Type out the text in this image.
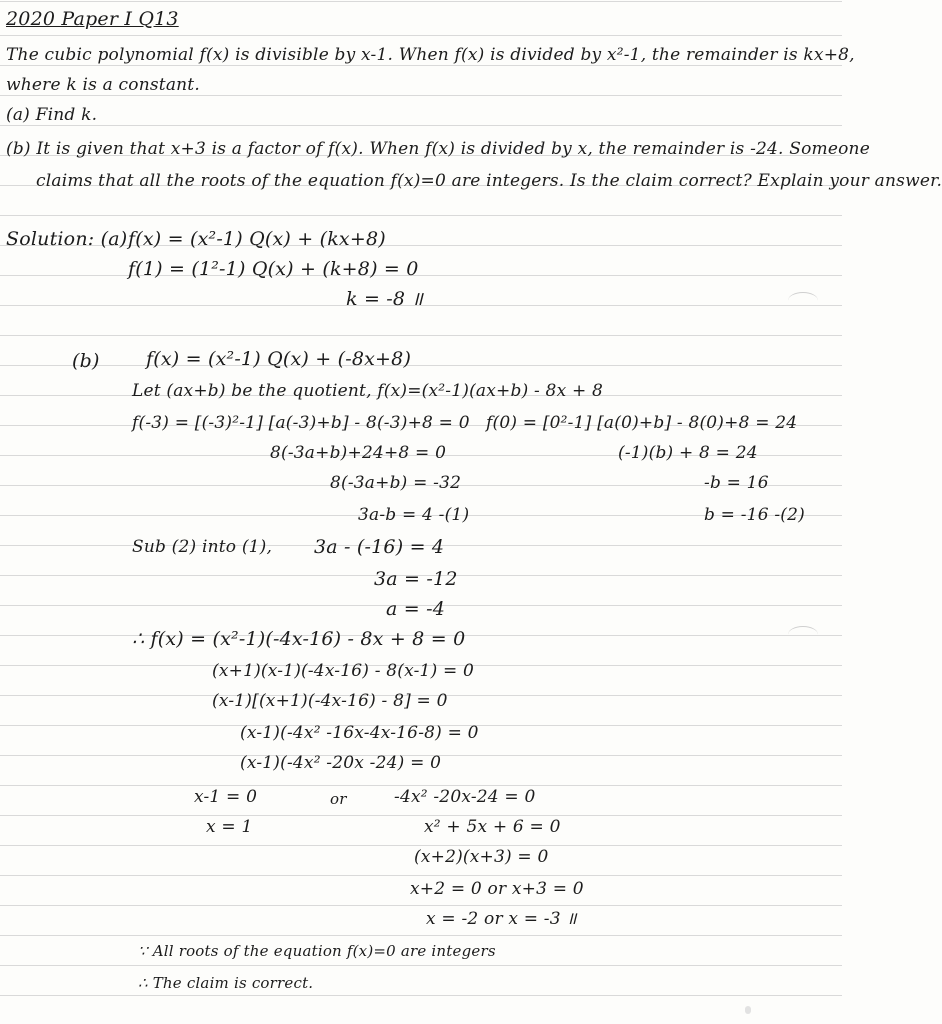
2020 Paper I Q13
The cubic polynomial f(x) is divisible by x-1. When f(x) is divided by x²-1, the remainder is kx+8,
where k is a constant.
(a) Find k.
(b) It is given that x+3 is a factor of f(x). When f(x) is divided by x, the remainder is -24. Someone
claims that all the roots of the equation f(x)=0 are integers. Is the claim correct? Explain your answer.
Solution: (a) f(x) = (x²-1) Q(x) + (kx+8)
f(1) = (1²-1) Q(x) + (k+8) = 0
k = -8 ॥
(b) f(x) = (x²-1) Q(x) + (-8x+8)
Let (ax+b) be the quotient, f(x)=(x²-1)(ax+b) - 8x + 8
f(-3) = [(-3)²-1] [a(-3)+b] - 8(-3)+8 = 0
8(-3a+b)+24+8 = 0
8(-3a+b) = -32
3a-b = 4 -(1)
f(0) = [0²-1] [a(0)+b] - 8(0)+8 = 24
(-1)(b) + 8 = 24
-b = 16
b = -16 -(2)
Sub (2) into (1), 3a - (-16) = 4
3a = -12
a = -4
∴ f(x) = (x²-1)(-4x-16) - 8x + 8 = 0
(x+1)(x-1)(-4x-16) - 8(x-1) = 0
(x-1)[(x+1)(-4x-16) - 8] = 0
(x-1)(-4x² -16x-4x-16-8) = 0
(x-1)(-4x² -20x -24) = 0
x-1 = 0
x = 1
or	-4x² -20x-24 = 0
x² + 5x + 6 = 0
(x+2)(x+3) = 0
x+2 = 0 or x+3 = 0
x = -2 or x = -3 ॥
∵ All roots of the equation f(x)=0 are integers
∴ The claim is correct.
